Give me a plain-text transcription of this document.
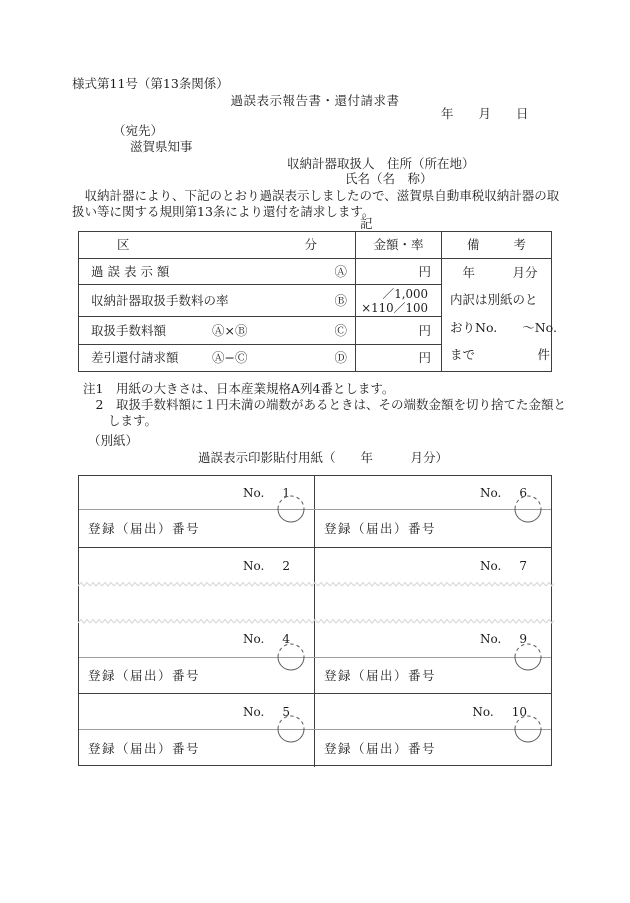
様式第11号（第13条関係）
過誤表示報告書・還付請求書
年　　月　　日
（宛先）
滋賀県知事
収納計器取扱人　住所（所在地）
氏名（名　称）
　収納計器により、下記のとおり過誤表示しましたので、滋賀県自動車税収納計器の取
扱い等に関する規則第13条により還付を請求します。
記
区	分	金額・率	備	考
過 誤 表 示 額	Ⓐ	円
収納計器取扱手数料の率	Ⓑ	／1,000
×110／100
取扱手数料額	Ⓐ×Ⓑ	Ⓒ	円
差引還付請求額	Ⓐ−Ⓒ	Ⓓ	円
　年　　　月分
内訳は別紙のと
おりNo.　　〜No.
まで　　　　　件
注1　用紙の大きさは、日本産業規格A列4番とします。
　2　取扱手数料額に１円未満の端数があるときは、その端数金額を切り捨てた金額と
　　します。
（別紙）
過誤表示印影貼付用紙（　　年　　　月分）
No. 1	No. 6
登録（届出）番号	登録（届出）番号
No. 2	No. 7
No. 4	No. 9
登録（届出）番号	登録（届出）番号
No. 5	No. 10
登録（届出）番号	登録（届出）番号
